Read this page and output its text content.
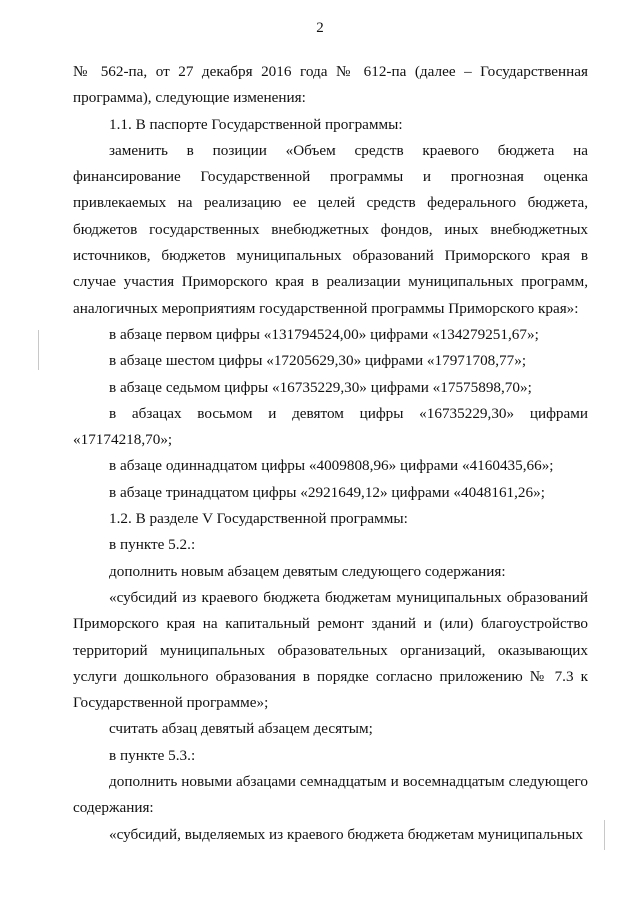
2

№ 562-па, от 27 декабря 2016 года № 612-па (далее – Государственная программа), следующие изменения:

1.1. В паспорте Государственной программы:

заменить в позиции «Объем средств краевого бюджета на финансирование Государственной программы и прогнозная оценка привлекаемых на реализацию ее целей средств федерального бюджета, бюджетов государственных внебюджетных фондов, иных внебюджетных источников, бюджетов муниципальных образований Приморского края в случае участия Приморского края в реализации муниципальных программ, аналогичных мероприятиям государственной программы Приморского края»:

в абзаце первом цифры «131794524,00» цифрами «134279251,67»;

в абзаце шестом цифры «17205629,30» цифрами «17971708,77»;

в абзаце седьмом цифры «16735229,30» цифрами «17575898,70»;

в абзацах восьмом и девятом цифры «16735229,30» цифрами «17174218,70»;

в абзаце одиннадцатом цифры «4009808,96» цифрами «4160435,66»;

в абзаце тринадцатом цифры «2921649,12» цифрами «4048161,26»;

1.2. В разделе V Государственной программы:

в пункте 5.2.:

дополнить новым абзацем девятым следующего содержания:

«субсидий из краевого бюджета бюджетам муниципальных образований Приморского края на капитальный ремонт зданий и (или) благоустройство территорий муниципальных образовательных организаций, оказывающих услуги дошкольного образования в порядке согласно приложению № 7.3 к Государственной программе»;

считать абзац девятый абзацем десятым;

в пункте 5.3.:

дополнить новыми абзацами семнадцатым и восемнадцатым следующего содержания:

«субсидий, выделяемых из краевого бюджета бюджетам муниципальных
